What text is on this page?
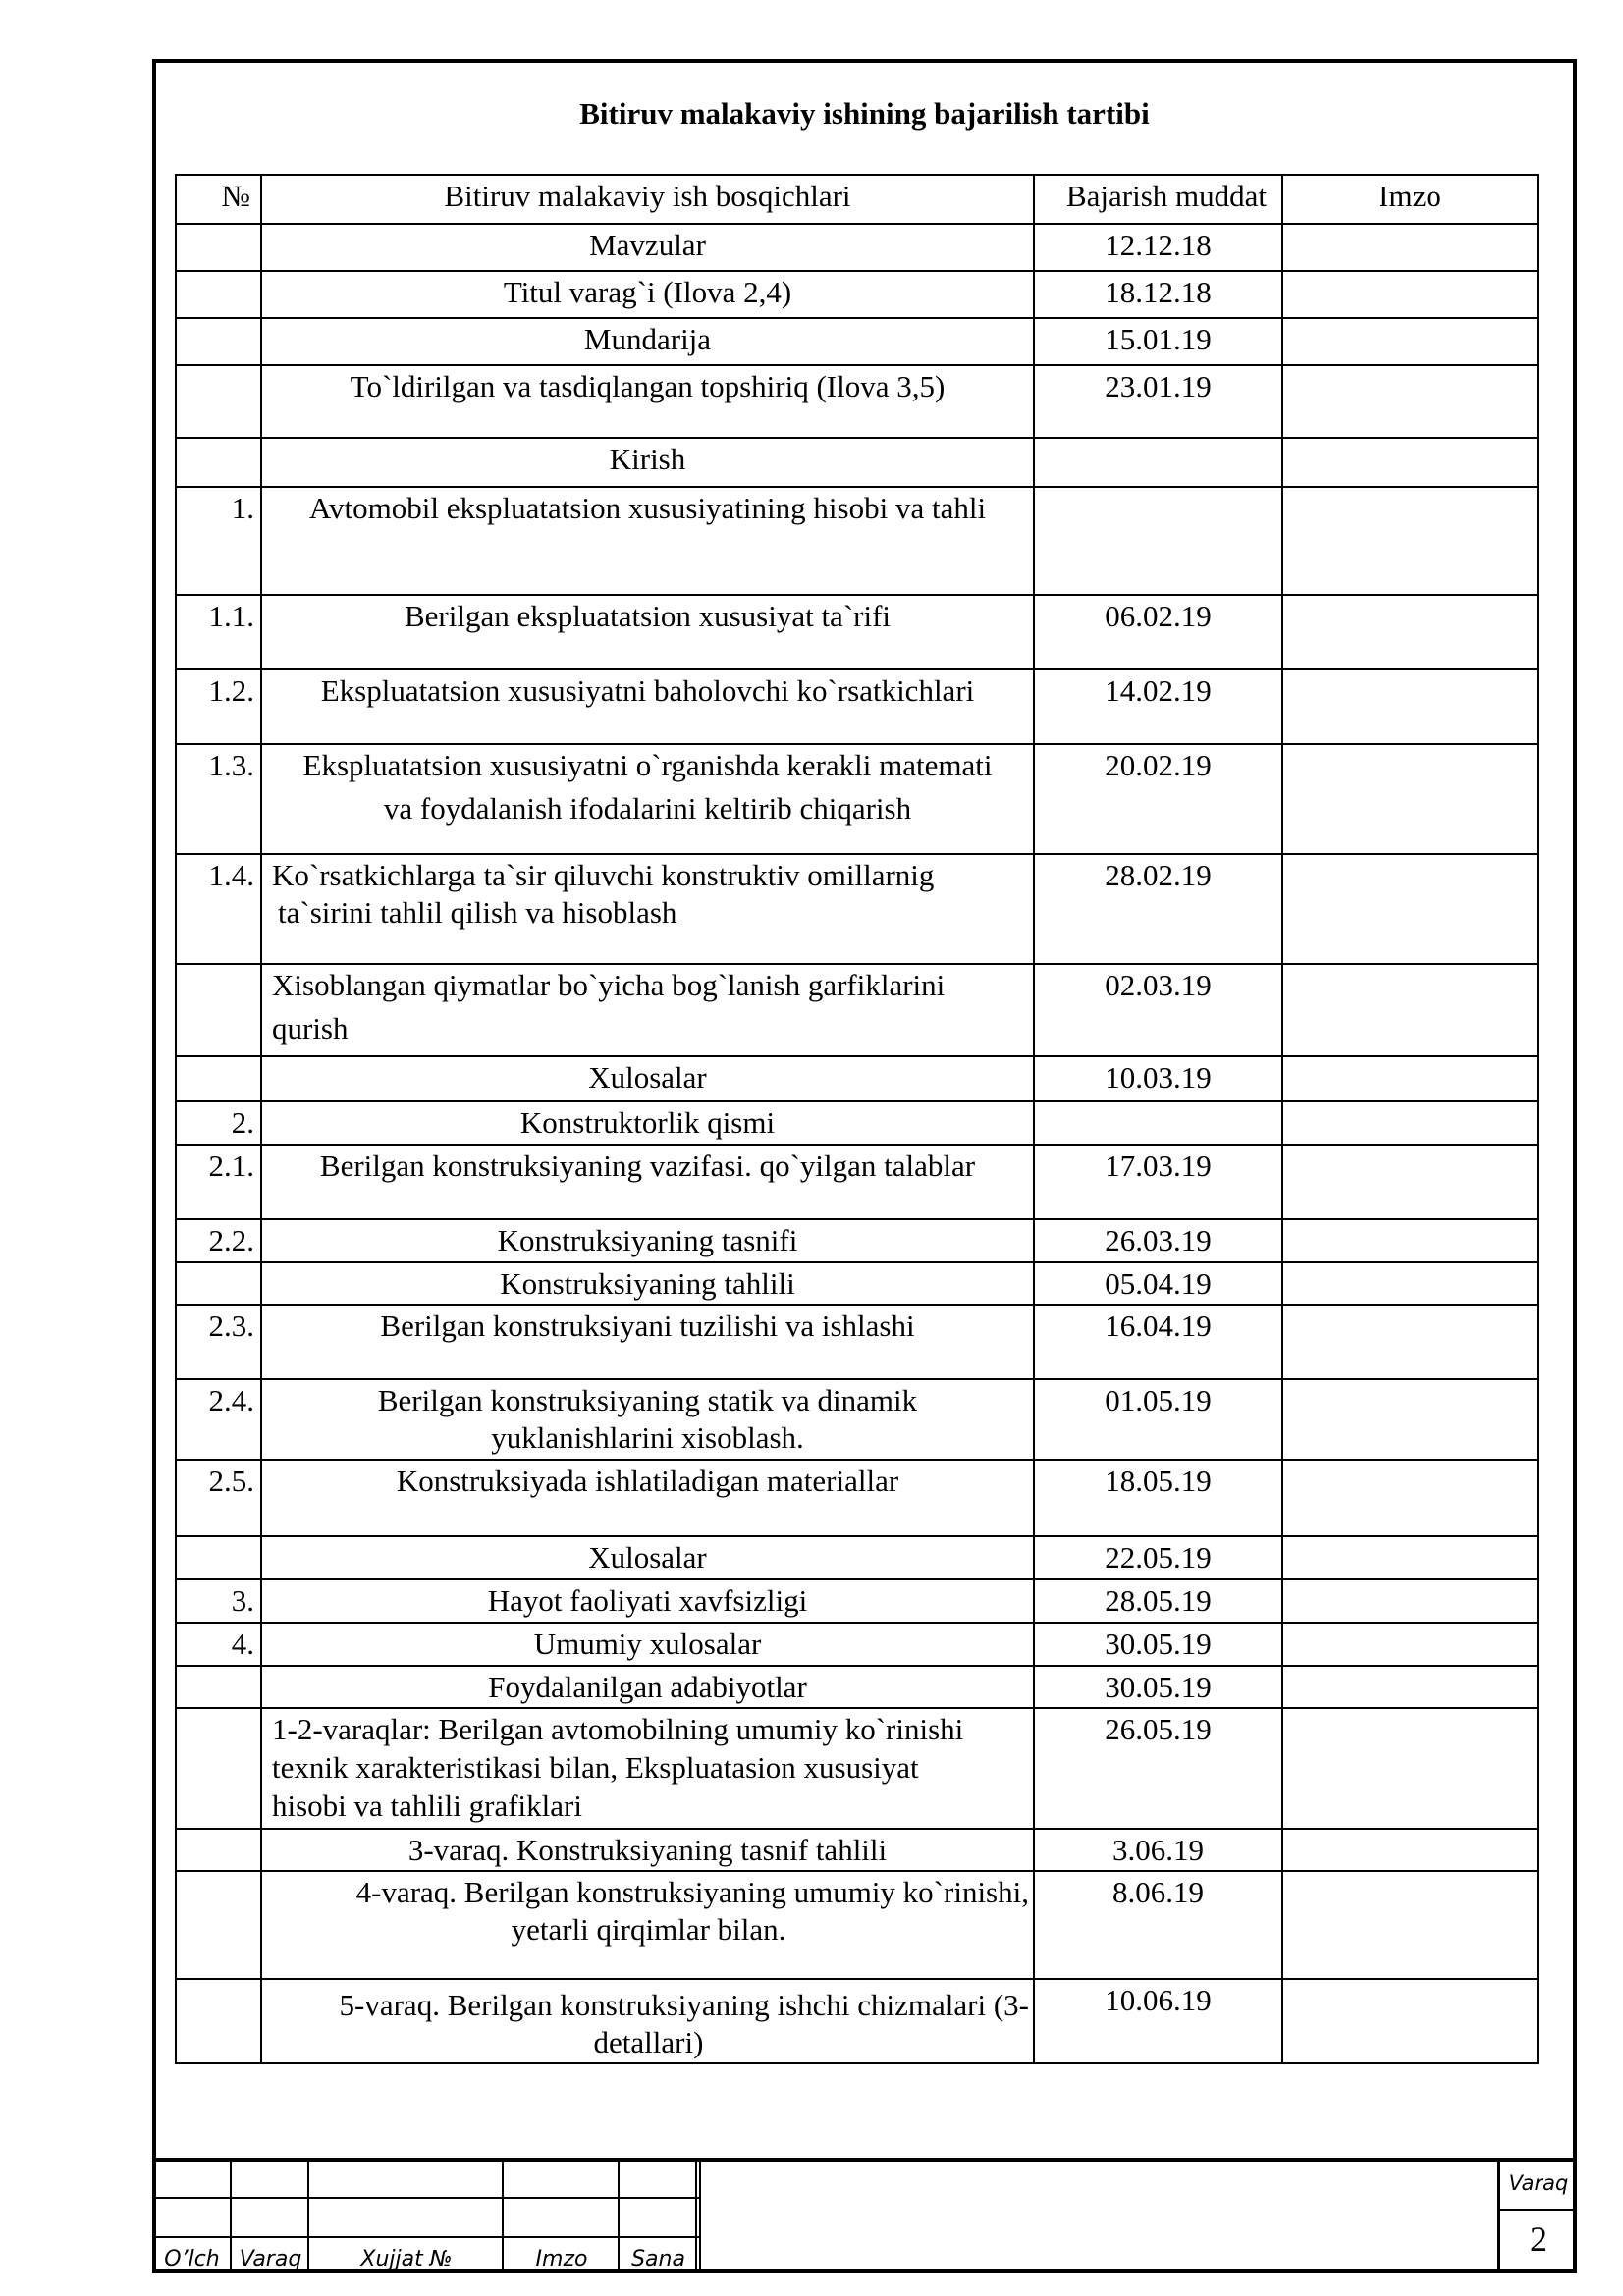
Bitiruv malakaviy ishining bajarilish tartibi
№	Bitiruv malakaviy ish bosqichlari	Bajarish muddat	Imzo
	Mavzular	12.12.18	
	Titul varag`i (Ilova 2,4)	18.12.18	
	Mundarija	15.01.19	
	To`ldirilgan va tasdiqlangan topshiriq (Ilova 3,5)	23.01.19	
	Kirish		
1.	Avtomobil ekspluatatsion xususiyatining hisobi va tahli		
1.1.	Berilgan ekspluatatsion xususiyat ta`rifi	06.02.19	
1.2.	Ekspluatatsion xususiyatni baholovchi ko`rsatkichlari	14.02.19	
1.3.	Ekspluatatsion xususiyatni o`rganishda kerakli matemati
va foydalanish ifodalarini keltirib chiqarish	20.02.19	
1.4.	Ko`rsatkichlarga ta`sir qiluvchi konstruktiv omillarnig
ta`sirini tahlil qilish va hisoblash	28.02.19	

	Xisoblangan qiymatlar bo`yicha bog`lanish garfiklarini
qurish	02.03.19	
	Xulosalar	10.03.19	
2.	Konstruktorlik qismi		
2.1.	Berilgan konstruksiyaning vazifasi. qo`yilgan talablar	17.03.19	
2.2.	Konstruksiyaning tasnifi	26.03.19	
	Konstruksiyaning tahlili	05.04.19	
2.3.	Berilgan konstruksiyani tuzilishi va ishlashi	16.04.19	
2.4.	Berilgan konstruksiyaning statik va dinamik
yuklanishlarini xisoblash.	01.05.19	
2.5.	Konstruksiyada ishlatiladigan materiallar	18.05.19	
	Xulosalar	22.05.19	
3.	Hayot faoliyati xavfsizligi	28.05.19	
4.	Umumiy xulosalar	30.05.19	
	Foydalanilgan adabiyotlar	30.05.19	

	1-2-varaqlar: Berilgan avtomobilning umumiy ko`rinishi
texnik xarakteristikasi bilan, Ekspluatasion xususiyat
hisobi va tahlili grafiklari	26.05.19	
	3-varaq. Konstruksiyaning tasnif tahlili	3.06.19	

	4-varaq. Berilgan konstruksiyaning umumiy ko`rinishi,
yetarli qirqimlar bilan.	8.06.19	

	5-varaq. Berilgan konstruksiyaning ishchi chizmalari (3-
detallari)	10.06.19	
O’lch Varaq	Xujjat №	Imzo	Sana
Varaq
2
